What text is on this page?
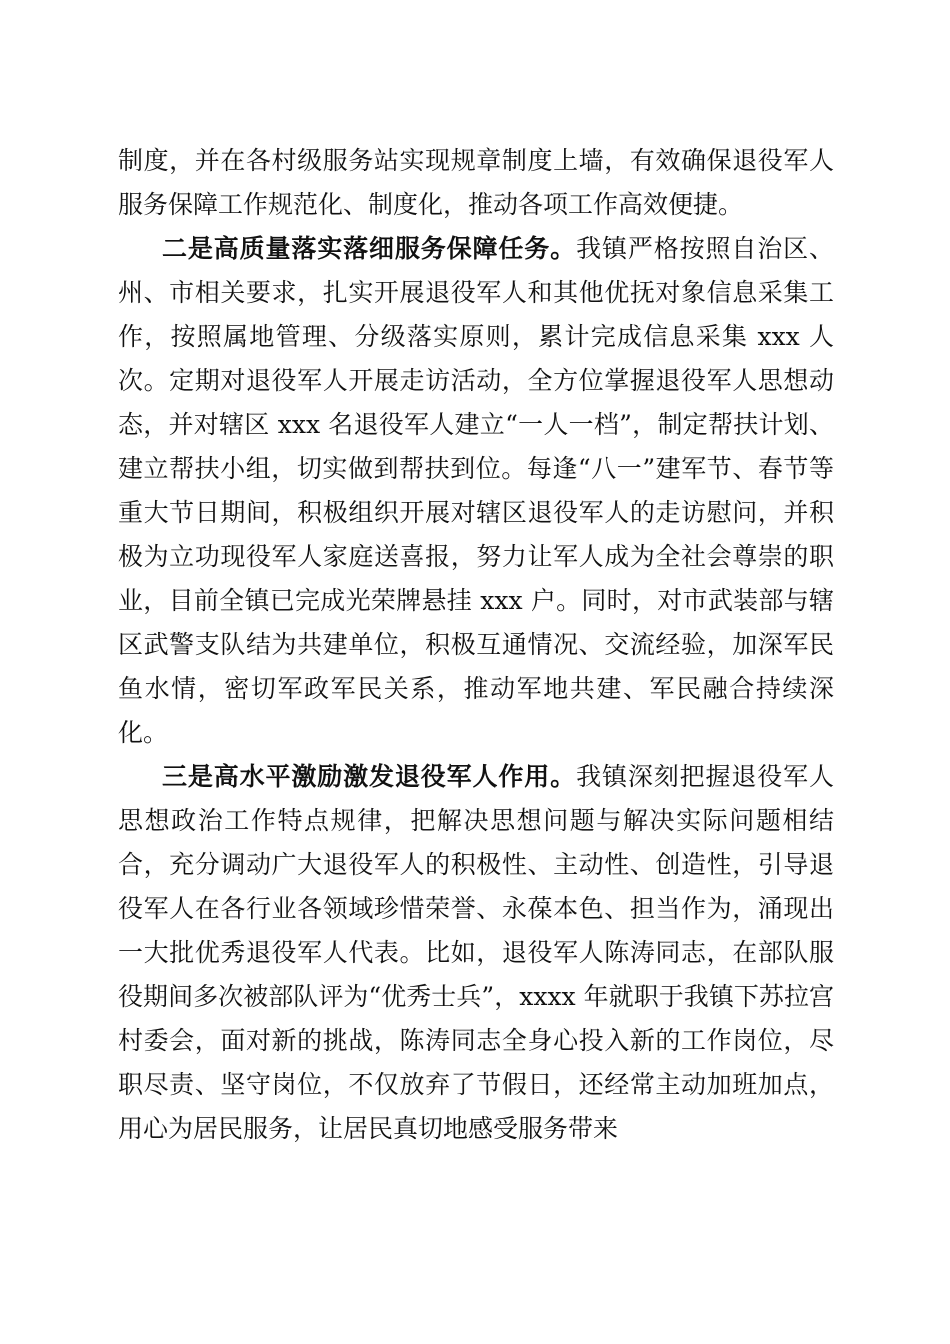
制度，并在各村级服务站实现规章制度上墙，有效确保退役军人服务保障工作规范化、制度化，推动各项工作高效便捷。

二是高质量落实落细服务保障任务。我镇严格按照自治区、州、市相关要求，扎实开展退役军人和其他优抚对象信息采集工作，按照属地管理、分级落实原则，累计完成信息采集 xxx 人次。定期对退役军人开展走访活动，全方位掌握退役军人思想动态，并对辖区 xxx 名退役军人建立“一人一档”，制定帮扶计划、建立帮扶小组，切实做到帮扶到位。每逢“八一”建军节、春节等重大节日期间，积极组织开展对辖区退役军人的走访慰问，并积极为立功现役军人家庭送喜报，努力让军人成为全社会尊崇的职业，目前全镇已完成光荣牌悬挂 xxx 户。同时，对市武装部与辖区武警支队结为共建单位，积极互通情况、交流经验，加深军民鱼水情，密切军政军民关系，推动军地共建、军民融合持续深化。

三是高水平激励激发退役军人作用。我镇深刻把握退役军人思想政治工作特点规律，把解决思想问题与解决实际问题相结合，充分调动广大退役军人的积极性、主动性、创造性，引导退役军人在各行业各领域珍惜荣誉、永葆本色、担当作为，涌现出一大批优秀退役军人代表。比如，退役军人陈涛同志，在部队服役期间多次被部队评为“优秀士兵”，xxxx 年就职于我镇下苏拉宫村委会，面对新的挑战，陈涛同志全身心投入新的工作岗位，尽职尽责、坚守岗位，不仅放弃了节假日，还经常主动加班加点，用心为居民服务，让居民真切地感受服务带来
